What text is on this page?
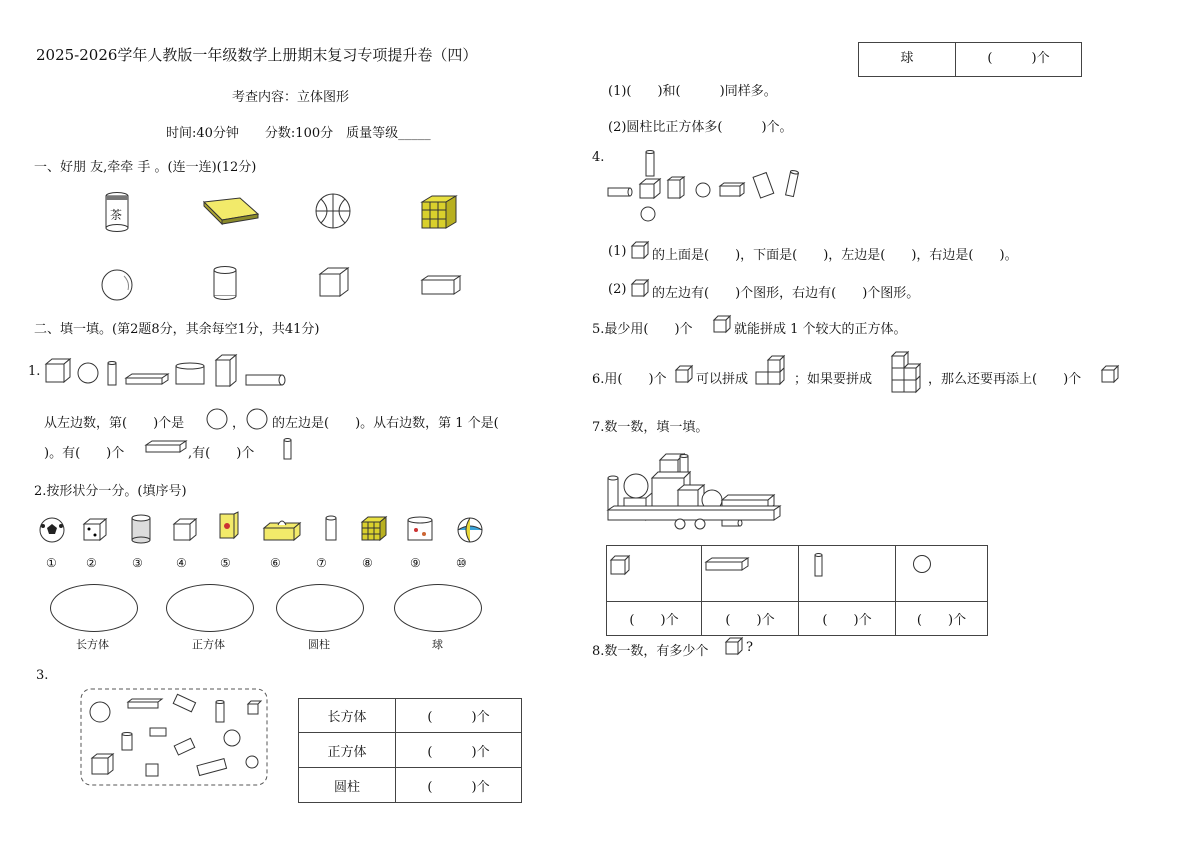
2025-2026学年人教版一年级数学上册期末复习专项提升卷（四）
考查内容：立体图形
时间:40分钟　　分数:100分　质量等级_____
一、好朋 友,牵牵 手 。(连一连)(12分)
茶
二、填一填。(第2题8分，其余每空1分，共41分)
1.
从左边数，第(　　)个是	， 的左边是(　　)。从右边数，第 1 个是(
)。有(　　)个	,有(　　)个
2.按形状分一分。(填序号)
① ②	③	④	⑤	⑥	⑦	⑧	⑨	⑩
长方体	正方体	圆柱	球
3.
长方体	(　　　)个
正方体	(　　　)个
圆柱	(　　　)个
球	(　　　)个
(1)(　　)和(　　　)同样多。
(2)圆柱比正方体多(　　　)个。
4.
(1) 的上面是(　　)，下面是(　　)，左边是(　　)，右边是(　　)。
(2) 的左边有(　　)个图形，右边有(　　)个图形。
5.最少用(　　)个	就能拼成 1 个较大的正方体。
6.用(　　)个 可以拼成	；如果要拼成	，那么还要再添上(　　)个
7.数一数，填一填。

(　　)个	(　　)个	(　　)个	(　　)个
8.数一数，有多少个	?
